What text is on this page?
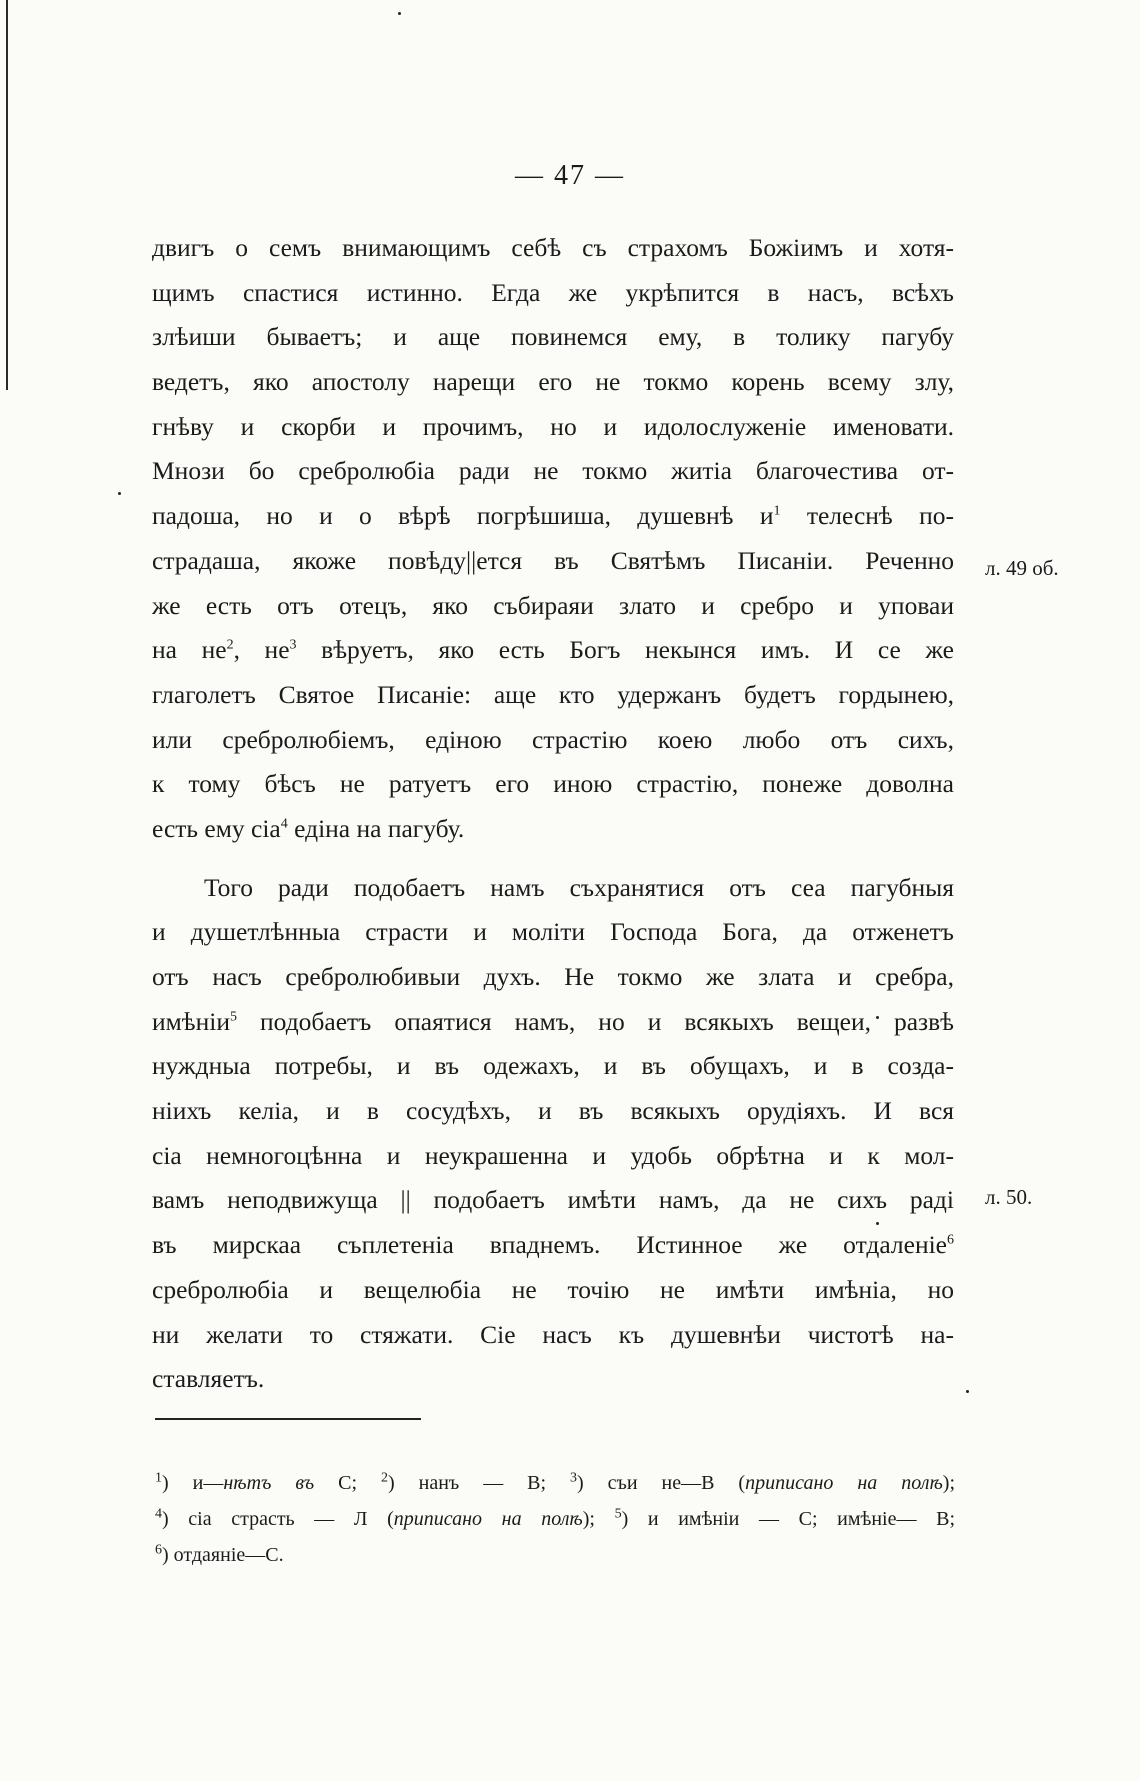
— 47 —
двигъ о семъ внимающимъ себѣ съ страхомъ Божіимъ и хотя-
щимъ спастися истинно. Егда же укрѣпится в насъ, всѣхъ
злѣиши бываетъ; и аще повинемся ему, в толику пагубу
ведетъ, яко апостолу нарещи его не токмо корень всему злу,
гнѣву и скорби и прочимъ, но и идолослуженіе именовати.
Мнози бо сребролюбіа ради не токмо житіа благочестива от-
падоша, но и о вѣрѣ погрѣшиша, душевнѣ $и^1$ телеснѣ по-
страдаша, якоже повѣду||ется въ Святѣмъ Писаніи. Реченно
же есть отъ отецъ, яко събираяи злато и сребро и уповаи
на $не^2$, $не^3$ вѣруетъ, яко есть Богъ некынся имъ. И се же
глаголетъ Святое Писаніе: аще кто удержанъ будетъ гордынею,
или сребролюбіемъ, едіною страстію коею любо отъ сихъ,
к тому бѣсъ не ратуетъ его иною страстію, понеже доволна
есть ему сіа$^4$ едіна на пагубу.
Того ради подобаетъ намъ съхранятися отъ сеа пагубныя
и душетлѣнныа страсти и моліти Господа Бога, да отженетъ
отъ насъ сребролюбивыи духъ. Не токмо же злата и сребра,
имѣніи$^5$ подобаетъ опаятися намъ, но и всякыхъ вещеи, развѣ
нуждныа потребы, и въ одежахъ, и въ обущахъ, и в созда-
ніихъ келіа, и в сосудѣхъ, и въ всякыхъ орудіяхъ. И вся
сіа немногоцѣнна и неукрашенна и удобь обрѣтна и к мол-
вамъ неподвижуща || подобаетъ имѣти намъ, да не сихъ раді
въ мирскаа съплетеніа впаднемъ. Истинное же отдаленіе$^6$
сребролюбіа и вещелюбіа не точію не имѣти имѣніа, но
ни желати то стяжати. Сіе насъ къ душевнѣи чистотѣ на-
ставляетъ.
л. 49 об.
л. 50.
$^1$) и—нѣтъ въ С; $^2$) нанъ — В; $^3$) съи не—В (приписано на полѣ);
$^4$) сіа страсть — Л (приписано на полѣ); $^5$) и имѣніи — С; имѣніе— В;
$^6$) отдаяніе—С.
